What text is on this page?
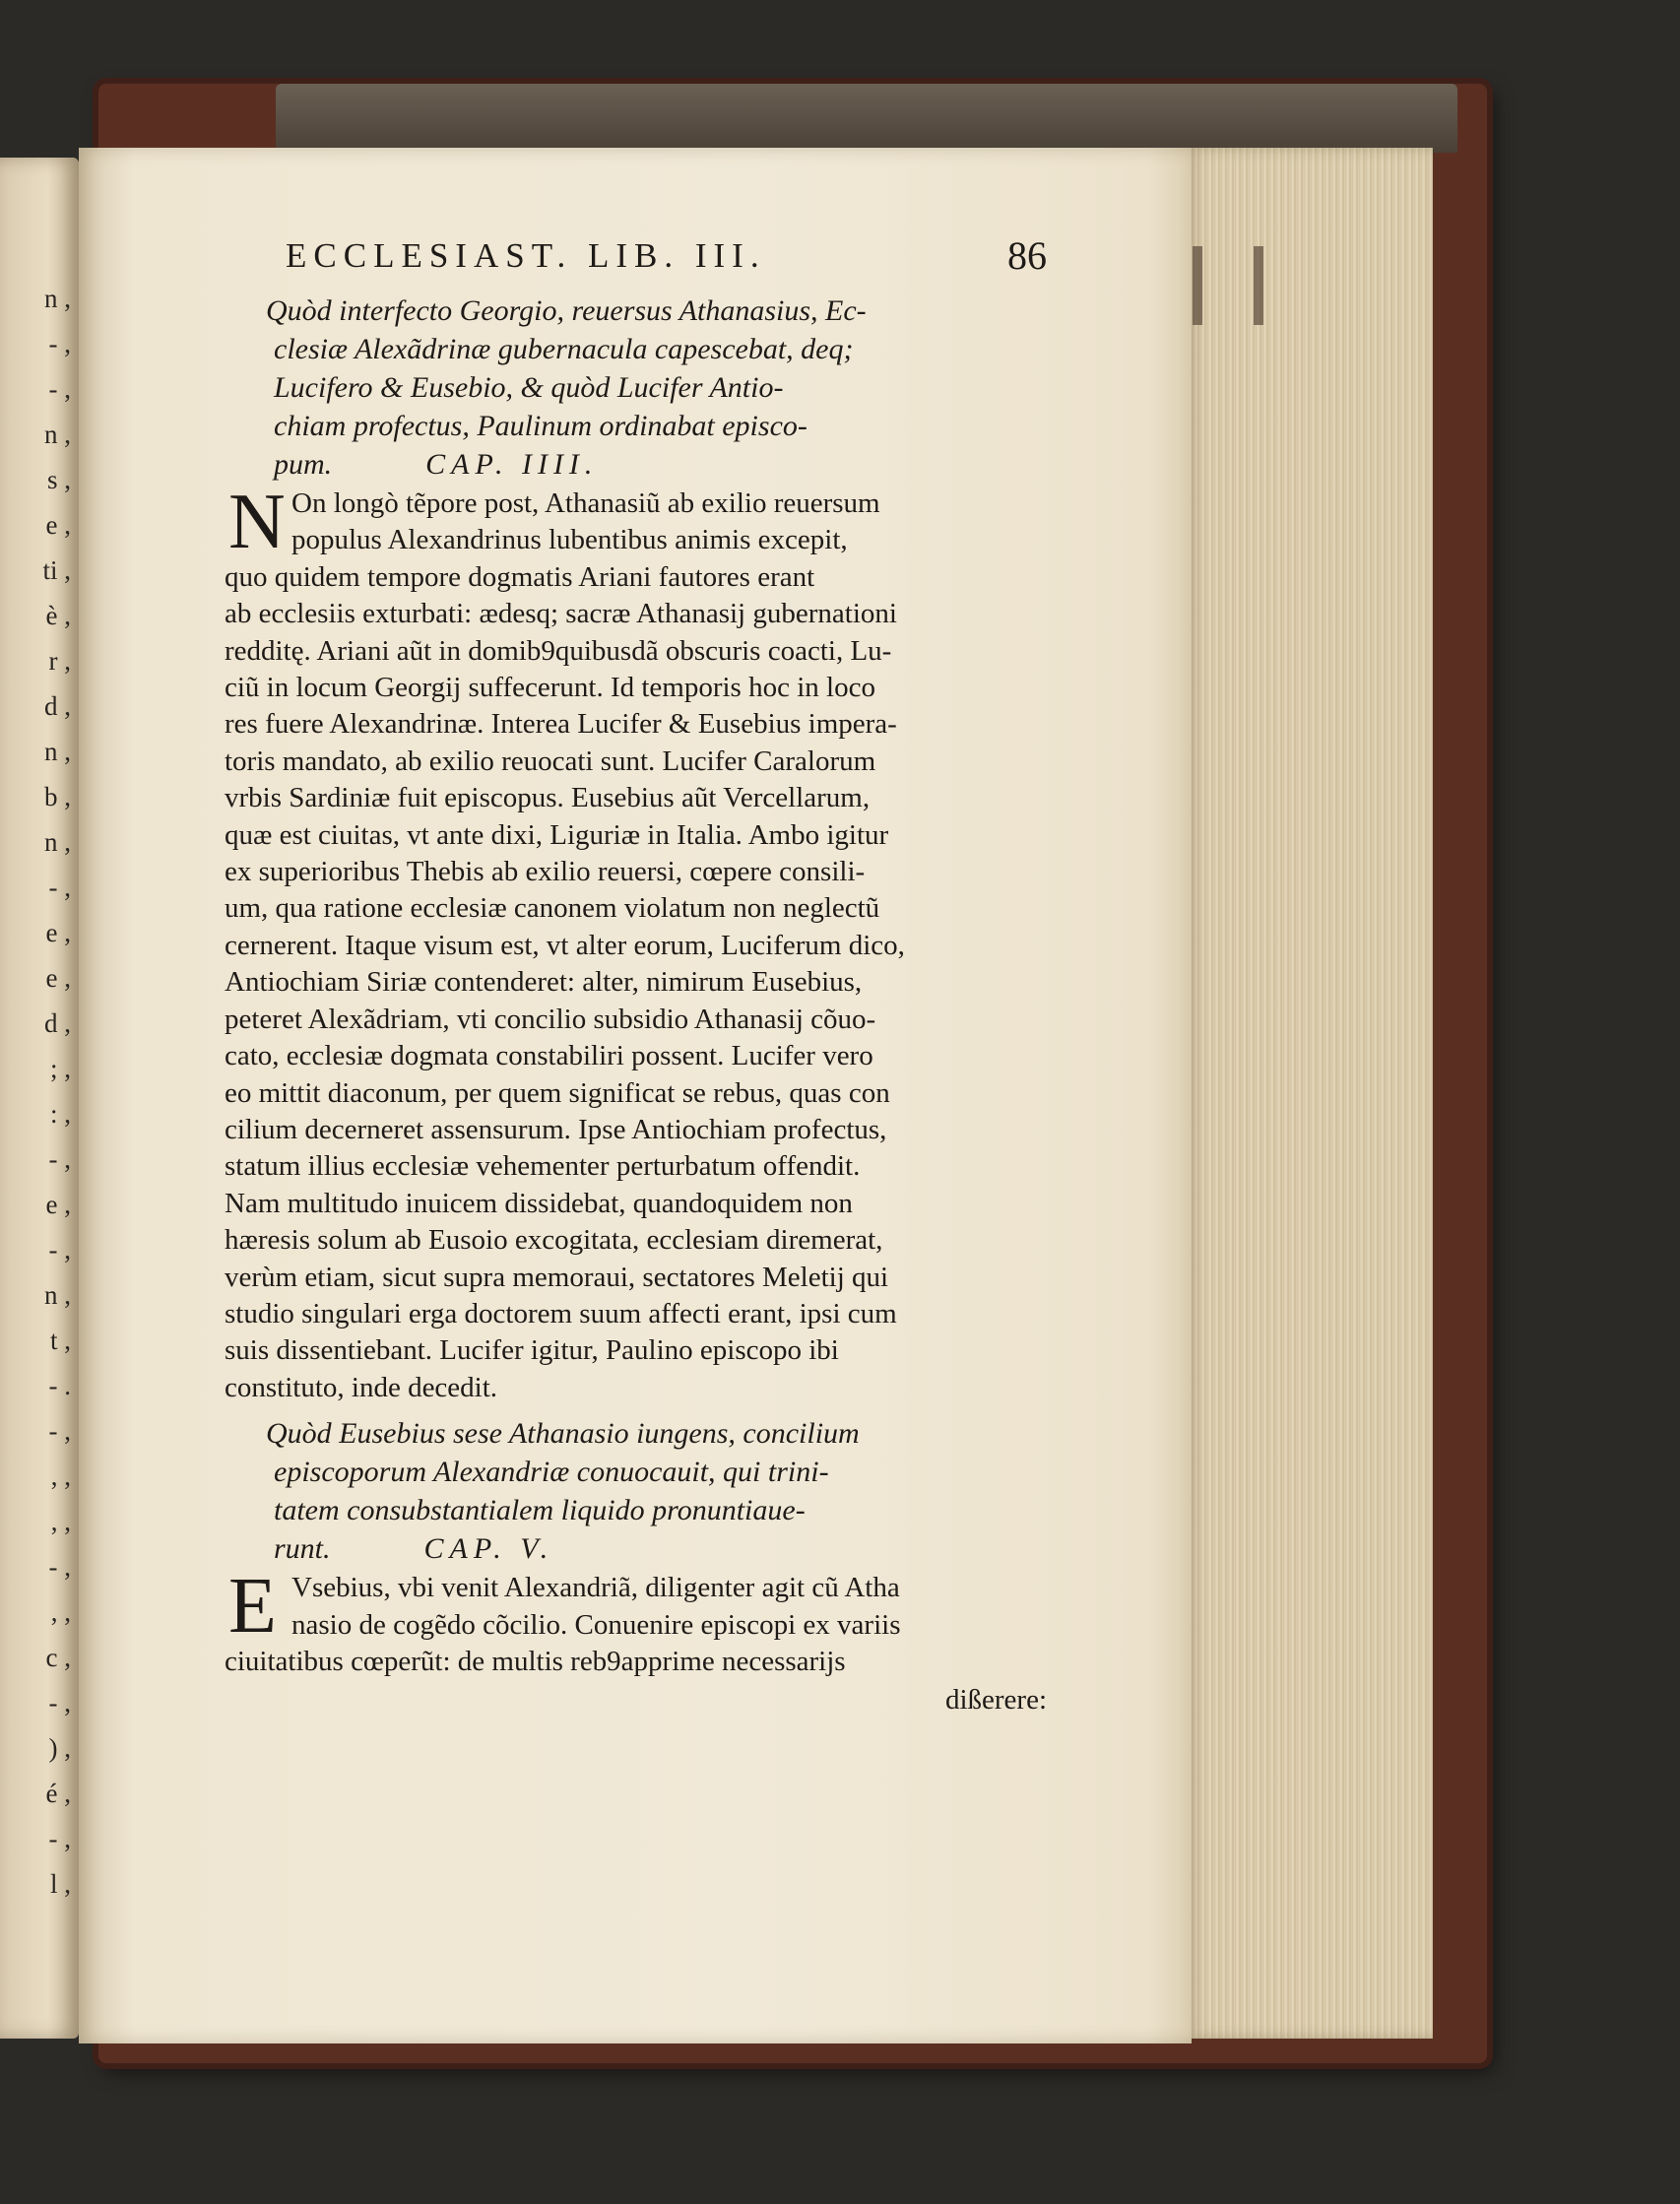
n ,
- ,
- ,
n ,
s ,
e ,
ti ,
è ,
r ,
d ,
n ,
b ,
n ,
- ,
e ,
e ,
d ,
; ,
: ,
- ,
e ,
- ,
n ,
t ,
- .
- ,
, ,
, ,
- ,
, ,
c ,
- ,
) ,
é ,
- ,
l ,
ECCLESIAST. LIB. III.	86
Quòd interfecto Georgio, reuersus Athanasius, Ec-
clesiæ Alexãdrinæ gubernacula capescebat, deq;
Lucifero & Eusebio, & quòd Lucifer Antio-
chiam profectus, Paulinum ordinabat episco-
pum.	CAP. IIII.
N On longò tẽpore post, Athanasiũ ab exilio reuersum
populus Alexandrinus lubentibus animis excepit,
quo quidem tempore dogmatis Ariani fautores erant
ab ecclesiis exturbati: ædesq; sacræ Athanasij gubernationi
redditę. Ariani aũt in domib9quibusdã obscuris coacti, Lu-
ciũ in locum Georgij suffecerunt. Id temporis hoc in loco
res fuere Alexandrinæ. Interea Lucifer & Eusebius impera-
toris mandato, ab exilio reuocati sunt. Lucifer Caralorum
vrbis Sardiniæ fuit episcopus. Eusebius aũt Vercellarum,
quæ est ciuitas, vt ante dixi, Liguriæ in Italia. Ambo igitur
ex superioribus Thebis ab exilio reuersi, cœpere consili-
um, qua ratione ecclesiæ canonem violatum non neglectũ
cernerent. Itaque visum est, vt alter eorum, Luciferum dico,
Antiochiam Siriæ contenderet: alter, nimirum Eusebius,
peteret Alexãdriam, vti concilio subsidio Athanasij cõuo-
cato, ecclesiæ dogmata constabiliri possent. Lucifer vero
eo mittit diaconum, per quem significat se rebus, quas con
cilium decerneret assensurum. Ipse Antiochiam profectus,
statum illius ecclesiæ vehementer perturbatum offendit.
Nam multitudo inuicem dissidebat, quandoquidem non
hæresis solum ab Eusoio excogitata, ecclesiam diremerat,
verùm etiam, sicut supra memoraui, sectatores Meletij qui
studio singulari erga doctorem suum affecti erant, ipsi cum
suis dissentiebant. Lucifer igitur, Paulino episcopo ibi
constituto, inde decedit.
Quòd Eusebius sese Athanasio iungens, concilium
episcoporum Alexandriæ conuocauit, qui trini-
tatem consubstantialem liquido pronuntiaue-
runt.	CAP. V.
E Vsebius, vbi venit Alexandriã, diligenter agit cũ Atha
nasio de cogẽdo cõcilio. Conuenire episcopi ex variis
ciuitatibus cœperũt: de multis reb9apprime necessarijs
dißerere:
